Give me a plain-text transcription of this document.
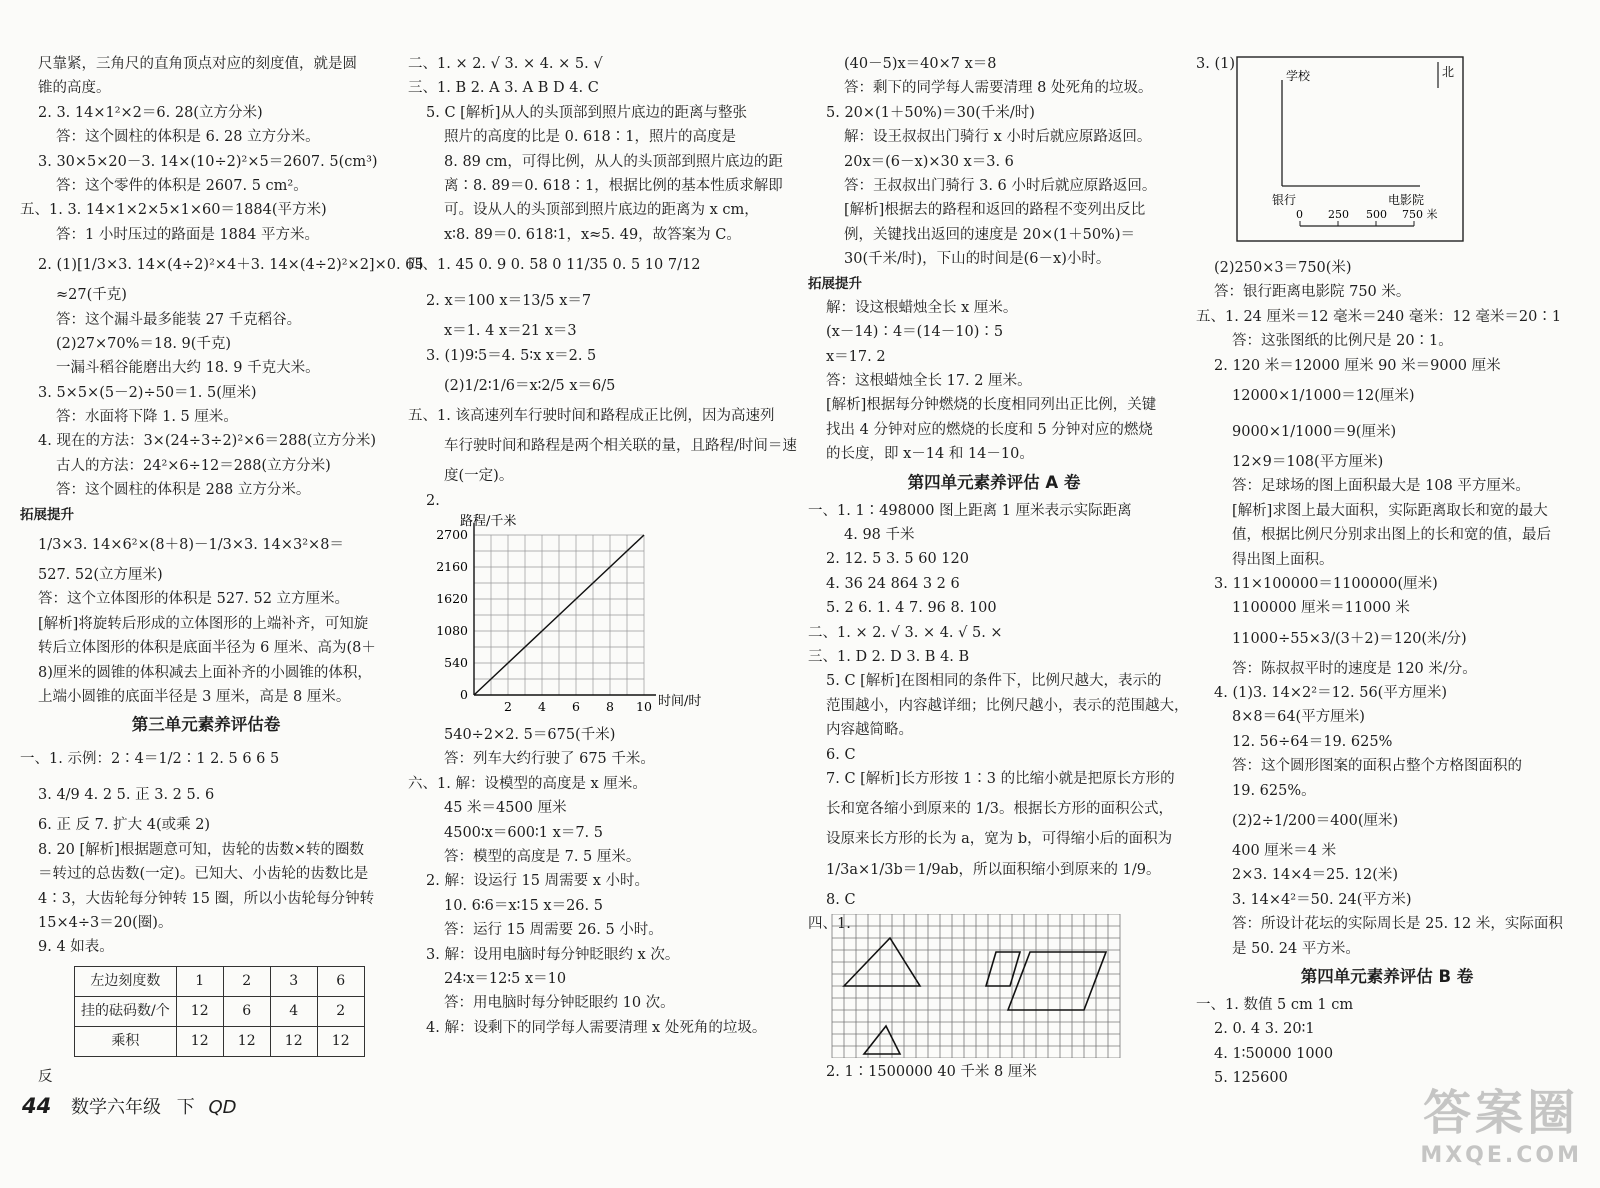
尺靠紧，三角尺的直角顶点对应的刻度值，就是圆
锥的高度。
2. 3. 14×1²×2＝6. 28(立方分米)
答：这个圆柱的体积是 6. 28 立方分米。
3. 30×5×20－3. 14×(10÷2)²×5＝2607. 5(cm³)
答：这个零件的体积是 2607. 5 cm²。
五、1. 3. 14×1×2×5×1×60＝1884(平方米)
答：1 小时压过的路面是 1884 平方米。
2. (1)[1/3×3. 14×(4÷2)²×4＋3. 14×(4÷2)²×2]×0. 65
≈27(千克)
答：这个漏斗最多能装 27 千克稻谷。
(2)27×70%＝18. 9(千克)
一漏斗稻谷能磨出大约 18. 9 千克大米。
3. 5×5×(5－2)÷50＝1. 5(厘米)
答：水面将下降 1. 5 厘米。
4. 现在的方法：3×(24÷3÷2)²×6＝288(立方分米)
古人的方法：24²×6÷12＝288(立方分米)
答：这个圆柱的体积是 288 立方分米。
拓展提升
1/3×3. 14×6²×(8＋8)－1/3×3. 14×3²×8＝
527. 52(立方厘米)
答：这个立体图形的体积是 527. 52 立方厘米。
[解析]将旋转后形成的立体图形的上端补齐，可知旋
转后立体图形的体积是底面半径为 6 厘米、高为(8＋
8)厘米的圆锥的体积减去上面补齐的小圆锥的体积，
上端小圆锥的底面半径是 3 厘米，高是 8 厘米。
第三单元素养评估卷
一、1. 示例：2∶4＝1/2∶1 2. 5 6 6 5
3. 4/9 4. 2 5. 正 3. 2 5. 6
6. 正 反 7. 扩大 4(或乘 2)
8. 20 [解析]根据题意可知，齿轮的齿数×转的圈数
＝转过的总齿数(一定)。已知大、小齿轮的齿数比是
4∶3，大齿轮每分钟转 15 圈，所以小齿轮每分钟转
15×4÷3＝20(圈)。
9. 4 如表。
左边刻度数	1	2	3	6
挂的砝码数/个	12	6	4	2
乘积	12	12	12	12
反
二、1. × 2. √ 3. × 4. × 5. √
三、1. B 2. A 3. A B D 4. C
5. C [解析]从人的头顶部到照片底边的距离与整张
照片的高度的比是 0. 618∶1，照片的高度是
8. 89 cm，可得比例，从人的头顶部到照片底边的距
离∶8. 89＝0. 618∶1，根据比例的基本性质求解即
可。设从人的头顶部到照片底边的距离为 x cm，
x∶8. 89＝0. 618∶1，x≈5. 49，故答案为 C。
四、1. 45 0. 9 0. 58 0 11/35 0. 5 10 7/12
2. x＝100 x＝13/5 x＝7
x＝1. 4 x＝21 x＝3
3. (1)9∶5＝4. 5∶x x＝2. 5
(2)1/2∶1/6＝x∶2/5 x＝6/5
五、1. 该高速列车行驶时间和路程成正比例，因为高速列
车行驶时间和路程是两个相关联的量，且路程/时间＝速
度(一定)。
2.
路程/千米
0
540
1080
1620
2160
2700
2 4 6 8 10 时间/时
540÷2×2. 5＝675(千米)
答：列车大约行驶了 675 千米。
六、1. 解：设模型的高度是 x 厘米。
45 米＝4500 厘米
4500∶x＝600∶1 x＝7. 5
答：模型的高度是 7. 5 厘米。
2. 解：设运行 15 周需要 x 小时。
10. 6∶6＝x∶15 x＝26. 5
答：运行 15 周需要 26. 5 小时。
3. 解：设用电脑时每分钟眨眼约 x 次。
24∶x＝12∶5 x＝10
答：用电脑时每分钟眨眼约 10 次。
4. 解：设剩下的同学每人需要清理 x 处死角的垃圾。
(40－5)x＝40×7 x＝8
答：剩下的同学每人需要清理 8 处死角的垃圾。
5. 20×(1＋50%)＝30(千米/时)
解：设王叔叔出门骑行 x 小时后就应原路返回。
20x＝(6－x)×30 x＝3. 6
答：王叔叔出门骑行 3. 6 小时后就应原路返回。
[解析]根据去的路程和返回的路程不变列出反比
例，关键找出返回的速度是 20×(1＋50%)＝
30(千米/时)，下山的时间是(6－x)小时。
拓展提升
解：设这根蜡烛全长 x 厘米。
(x－14)∶4＝(14－10)∶5
x＝17. 2
答：这根蜡烛全长 17. 2 厘米。
[解析]根据每分钟燃烧的长度相同列出正比例，关键
找出 4 分钟对应的燃烧的长度和 5 分钟对应的燃烧
的长度，即 x－14 和 14－10。
第四单元素养评估 A 卷
一、1. 1∶498000 图上距离 1 厘米表示实际距离
4. 98 千米
2. 12. 5 3. 5 60 120
4. 36 24 864 3 2 6
5. 2 6. 1. 4 7. 96 8. 100
二、1. × 2. √ 3. × 4. √ 5. ×
三、1. D 2. D 3. B 4. B
5. C [解析]在图相同的条件下，比例尺越大，表示的
范围越小，内容越详细；比例尺越小，表示的范围越大，
内容越简略。
6. C
7. C [解析]长方形按 1∶3 的比缩小就是把原长方形的
长和宽各缩小到原来的 1/3。根据长方形的面积公式，
设原来长方形的长为 a，宽为 b，可得缩小后的面积为
1/3a×1/3b＝1/9ab，所以面积缩小到原来的 1/9。
8. C
四、1.
2. 1∶1500000 40 千米 8 厘米
3. (1)
学校
银行	电影院
北
0 250 500 750 米
(2)250×3＝750(米)
答：银行距离电影院 750 米。
五、1. 24 厘米＝12 毫米＝240 毫米：12 毫米＝20∶1
答：这张图纸的比例尺是 20∶1。
2. 120 米＝12000 厘米 90 米＝9000 厘米
12000×1/1000＝12(厘米)
9000×1/1000＝9(厘米)
12×9＝108(平方厘米)
答：足球场的图上面积最大是 108 平方厘米。
[解析]求图上最大面积，实际距离取长和宽的最大
值，根据比例尺分别求出图上的长和宽的值，最后
得出图上面积。
3. 11×100000＝1100000(厘米)
1100000 厘米＝11000 米
11000÷55×3/(3＋2)＝120(米/分)
答：陈叔叔平时的速度是 120 米/分。
4. (1)3. 14×2²＝12. 56(平方厘米)
8×8＝64(平方厘米)
12. 56÷64＝19. 625%
答：这个圆形图案的面积占整个方格图面积的
19. 625%。
(2)2÷1/200＝400(厘米)
400 厘米＝4 米
2×3. 14×4＝25. 12(米)
3. 14×4²＝50. 24(平方米)
答：所设计花坛的实际周长是 25. 12 米，实际面积
是 50. 24 平方米。
第四单元素养评估 B 卷
一、1. 数值 5 cm 1 cm
2. 0. 4 3. 20∶1
4. 1∶50000 1000
5. 125600
44 数学六年级 下 QD	答案圈
MXQE.COM
